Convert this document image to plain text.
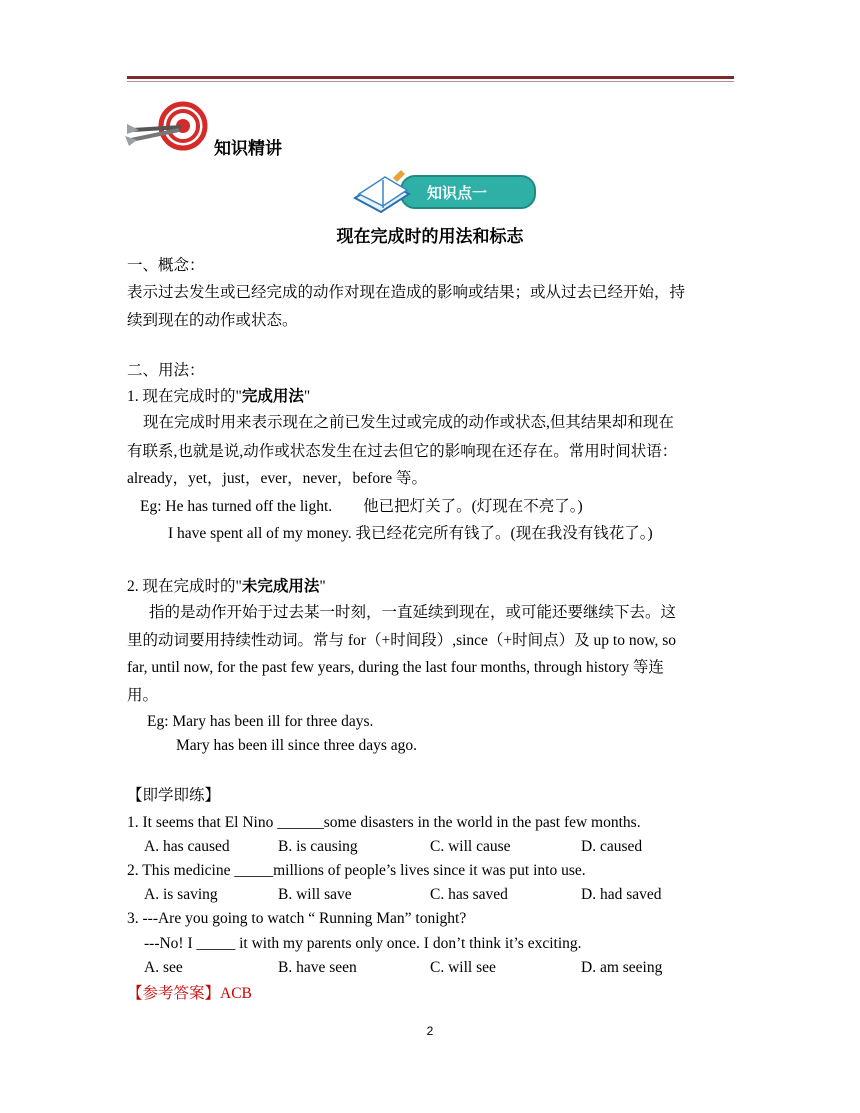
知识精讲
知识点一
现在完成时的用法和标志
一、概念：
表示过去发生或已经完成的动作对现在造成的影响或结果；或从过去已经开始，持
续到现在的动作或状态。
二、用法：
1. 现在完成时的"完成用法"
现在完成时用来表示现在之前已发生过或完成的动作或状态,但其结果却和现在
有联系,也就是说,动作或状态发生在过去但它的影响现在还存在。常用时间状语：
already，yet，just，ever，never，before 等。
Eg: He has turned off the light.        他已把灯关了。(灯现在不亮了。)
I have spent all of my money. 我已经花完所有钱了。(现在我没有钱花了。)
2. 现在完成时的"未完成用法"
指的是动作开始于过去某一时刻，一直延续到现在，或可能还要继续下去。这
里的动词要用持续性动词。常与 for（+时间段）,since（+时间点）及 up to now, so
far, until now, for the past few years, during the last four months, through history 等连
用。
Eg: Mary has been ill for three days.
Mary has been ill since three days ago.
【即学即练】
1. It seems that El Nino ______some disasters in the world in the past few months.
A. has caused	B. is causing	C. will cause	D. caused
2. This medicine _____millions of people’s lives since it was put into use.
A. is saving	B. will save	C. has saved	D. had saved
3. ---Are you going to watch “ Running Man” tonight?
---No! I _____ it with my parents only once. I don’t think it’s exciting.
A. see	B. have seen	C. will see	D. am seeing
【参考答案】ACB
2
